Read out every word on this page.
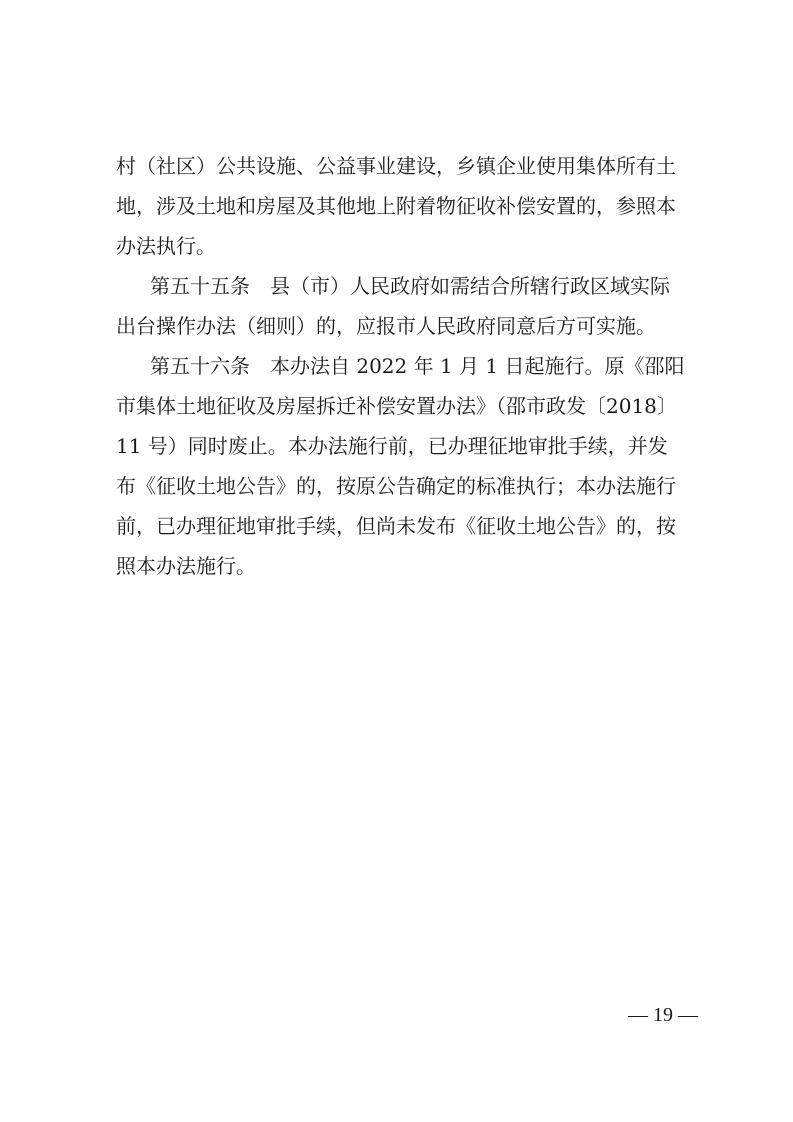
村（社区）公共设施、公益事业建设，乡镇企业使用集体所有土
地，涉及土地和房屋及其他地上附着物征收补偿安置的，参照本
办法执行。
第五十五条　县（市）人民政府如需结合所辖行政区域实际
出台操作办法（细则）的，应报市人民政府同意后方可实施。
第五十六条　本办法自 2022 年 1 月 1 日起施行。原《邵阳
市集体土地征收及房屋拆迁补偿安置办法》（邵市政发〔2018〕
11 号）同时废止。本办法施行前，已办理征地审批手续，并发
布《征收土地公告》的，按原公告确定的标准执行；本办法施行
前，已办理征地审批手续，但尚未发布《征收土地公告》的，按
照本办法施行。
— 19 —
